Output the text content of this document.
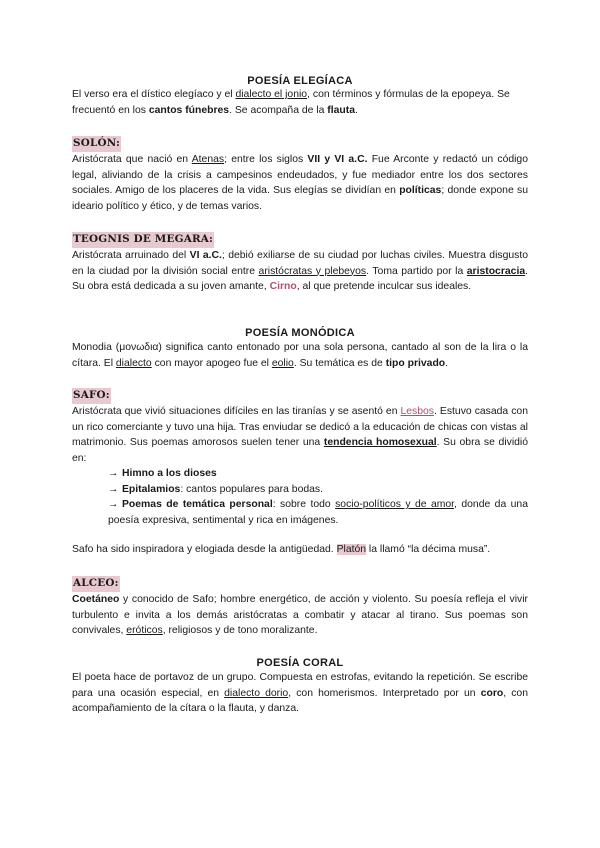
POESÍA ELEGÍACA
El verso era el dístico elegíaco y el dialecto el jonio, con términos y fórmulas de la epopeya. Se frecuentó en los cantos fúnebres. Se acompaña de la flauta.
SOLÓN:
Aristócrata que nació en Atenas; entre los siglos VII y VI a.C. Fue Arconte y redactó un código legal, aliviando de la crisis a campesinos endeudados, y fue mediador entre los dos sectores sociales. Amigo de los placeres de la vida. Sus elegías se dividían en políticas; donde expone su ideario político y ético, y de temas varios.
TEOGNIS DE MEGARA:
Aristócrata arruinado del VI a.C.; debió exiliarse de su ciudad por luchas civiles. Muestra disgusto en la ciudad por la división social entre aristócratas y plebeyos. Toma partido por la aristocracia. Su obra está dedicada a su joven amante, Cirno, al que pretende inculcar sus ideales.
POESÍA MONÓDICA
Monodia (μονωδια) significa canto entonado por una sola persona, cantado al son de la lira o la cítara. El dialecto con mayor apogeo fue el eolio. Su temática es de tipo privado.
SAFO:
Aristócrata que vivió situaciones difíciles en las tiranías y se asentó en Lesbos. Estuvo casada con un rico comerciante y tuvo una hija. Tras enviudar se dedicó a la educación de chicas con vistas al matrimonio. Sus poemas amorosos suelen tener una tendencia homosexual. Su obra se dividió en:
→ Himno a los dioses
→ Epitalamios: cantos populares para bodas.
→ Poemas de temática personal: sobre todo socio-políticos y de amor, donde da una poesía expresiva, sentimental y rica en imágenes.
Safo ha sido inspiradora y elogiada desde la antigüedad. Platón la llamó “la décima musa”.
ALCEO:
Coetáneo y conocido de Safo; hombre energético, de acción y violento. Su poesía refleja el vivir turbulento e invita a los demás aristócratas a combatir y atacar al tirano. Sus poemas son convivales, eróticos, religiosos y de tono moralizante.
POESÍA CORAL
El poeta hace de portavoz de un grupo. Compuesta en estrofas, evitando la repetición. Se escribe para una ocasión especial, en dialecto dorio, con homerismos. Interpretado por un coro, con acompañamiento de la cítara o la flauta, y danza.
